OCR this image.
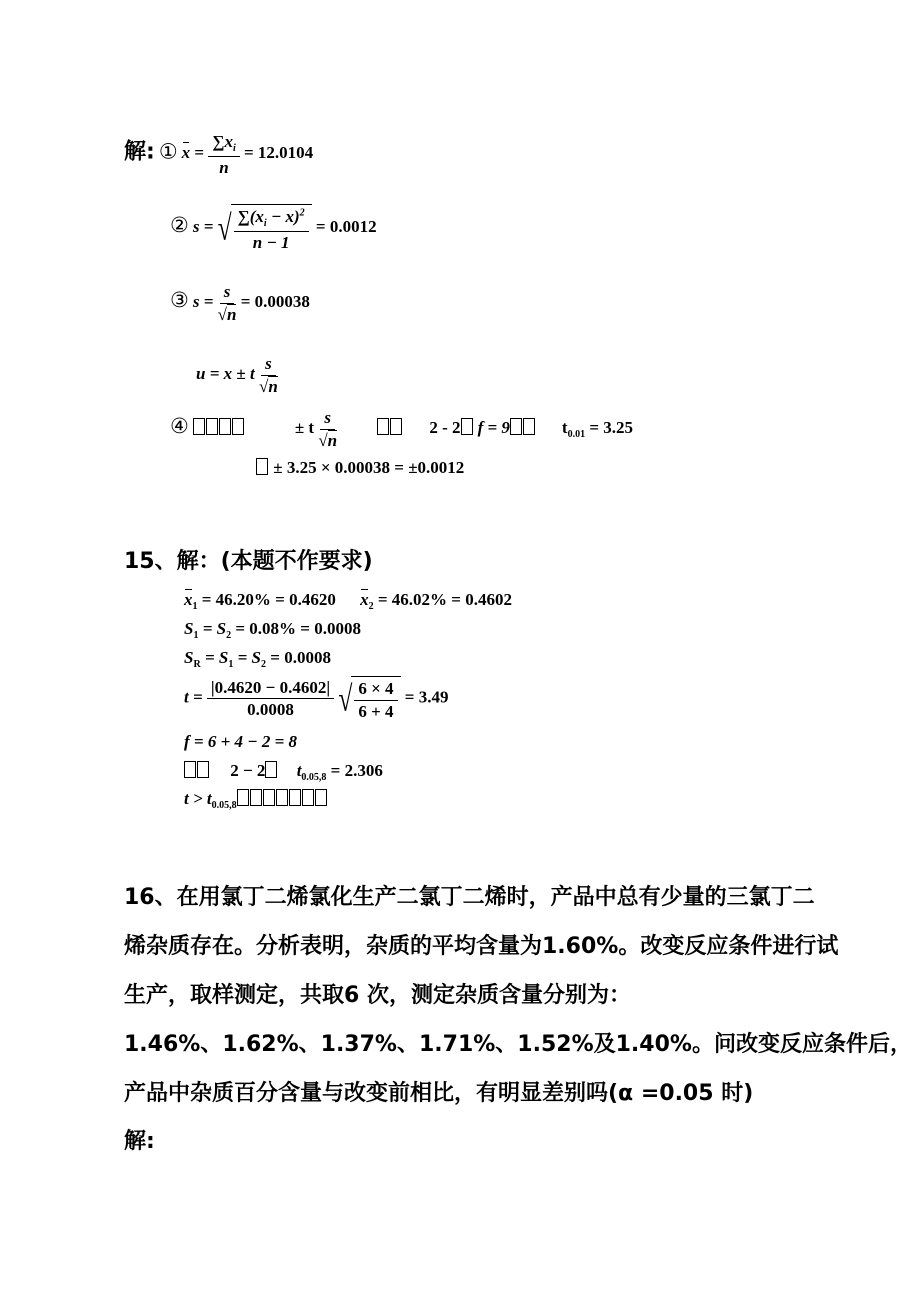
解: ① $x = \frac{\sum x_i}{n} = 12.0104$
② s = √ $\frac{\sum(x_i - x)^2}{n - 1} = 0.0012$
③ $s = \frac{s}{√n} = 0.00038$
u = x ± t $\frac{s}{√n}$
④	± t $\frac{s}{√n}$	2 - 2 f = 9	$t_{0.01} = 3.25$
± 3.25 × 0.00038 = ±0.0012
15、解：(本题不作要求)
$x_1 = 46.20\% = 0.4620$ $x_2 = 46.02\% = 0.4602$
$S_1 = S_2 = 0.08\% = 0.0008$
$S_R = S_1 = S_2 = 0.0008$
$t = \frac{|0.4620 - 0.4602|}{0.0008}$
√ $\frac{6 \times 4}{6 + 4} = 3.49$
f = 6 + 4 − 2 = 8
2 − 2 $t_{0.05,8} = 2.306$
$t > t_{0.05,8}$
16、在用氯丁二烯氯化生产二氯丁二烯时，产品中总有少量的三氯丁二
烯杂质存在。分析表明，杂质的平均含量为1.60%。改变反应条件进行试
生产，取样测定，共取6 次，测定杂质含量分别为：
1.46%、1.62%、1.37%、1.71%、1.52%及1.40%。问改变反应条件后，
产品中杂质百分含量与改变前相比，有明显差别吗(α =0.05 时)
解:
